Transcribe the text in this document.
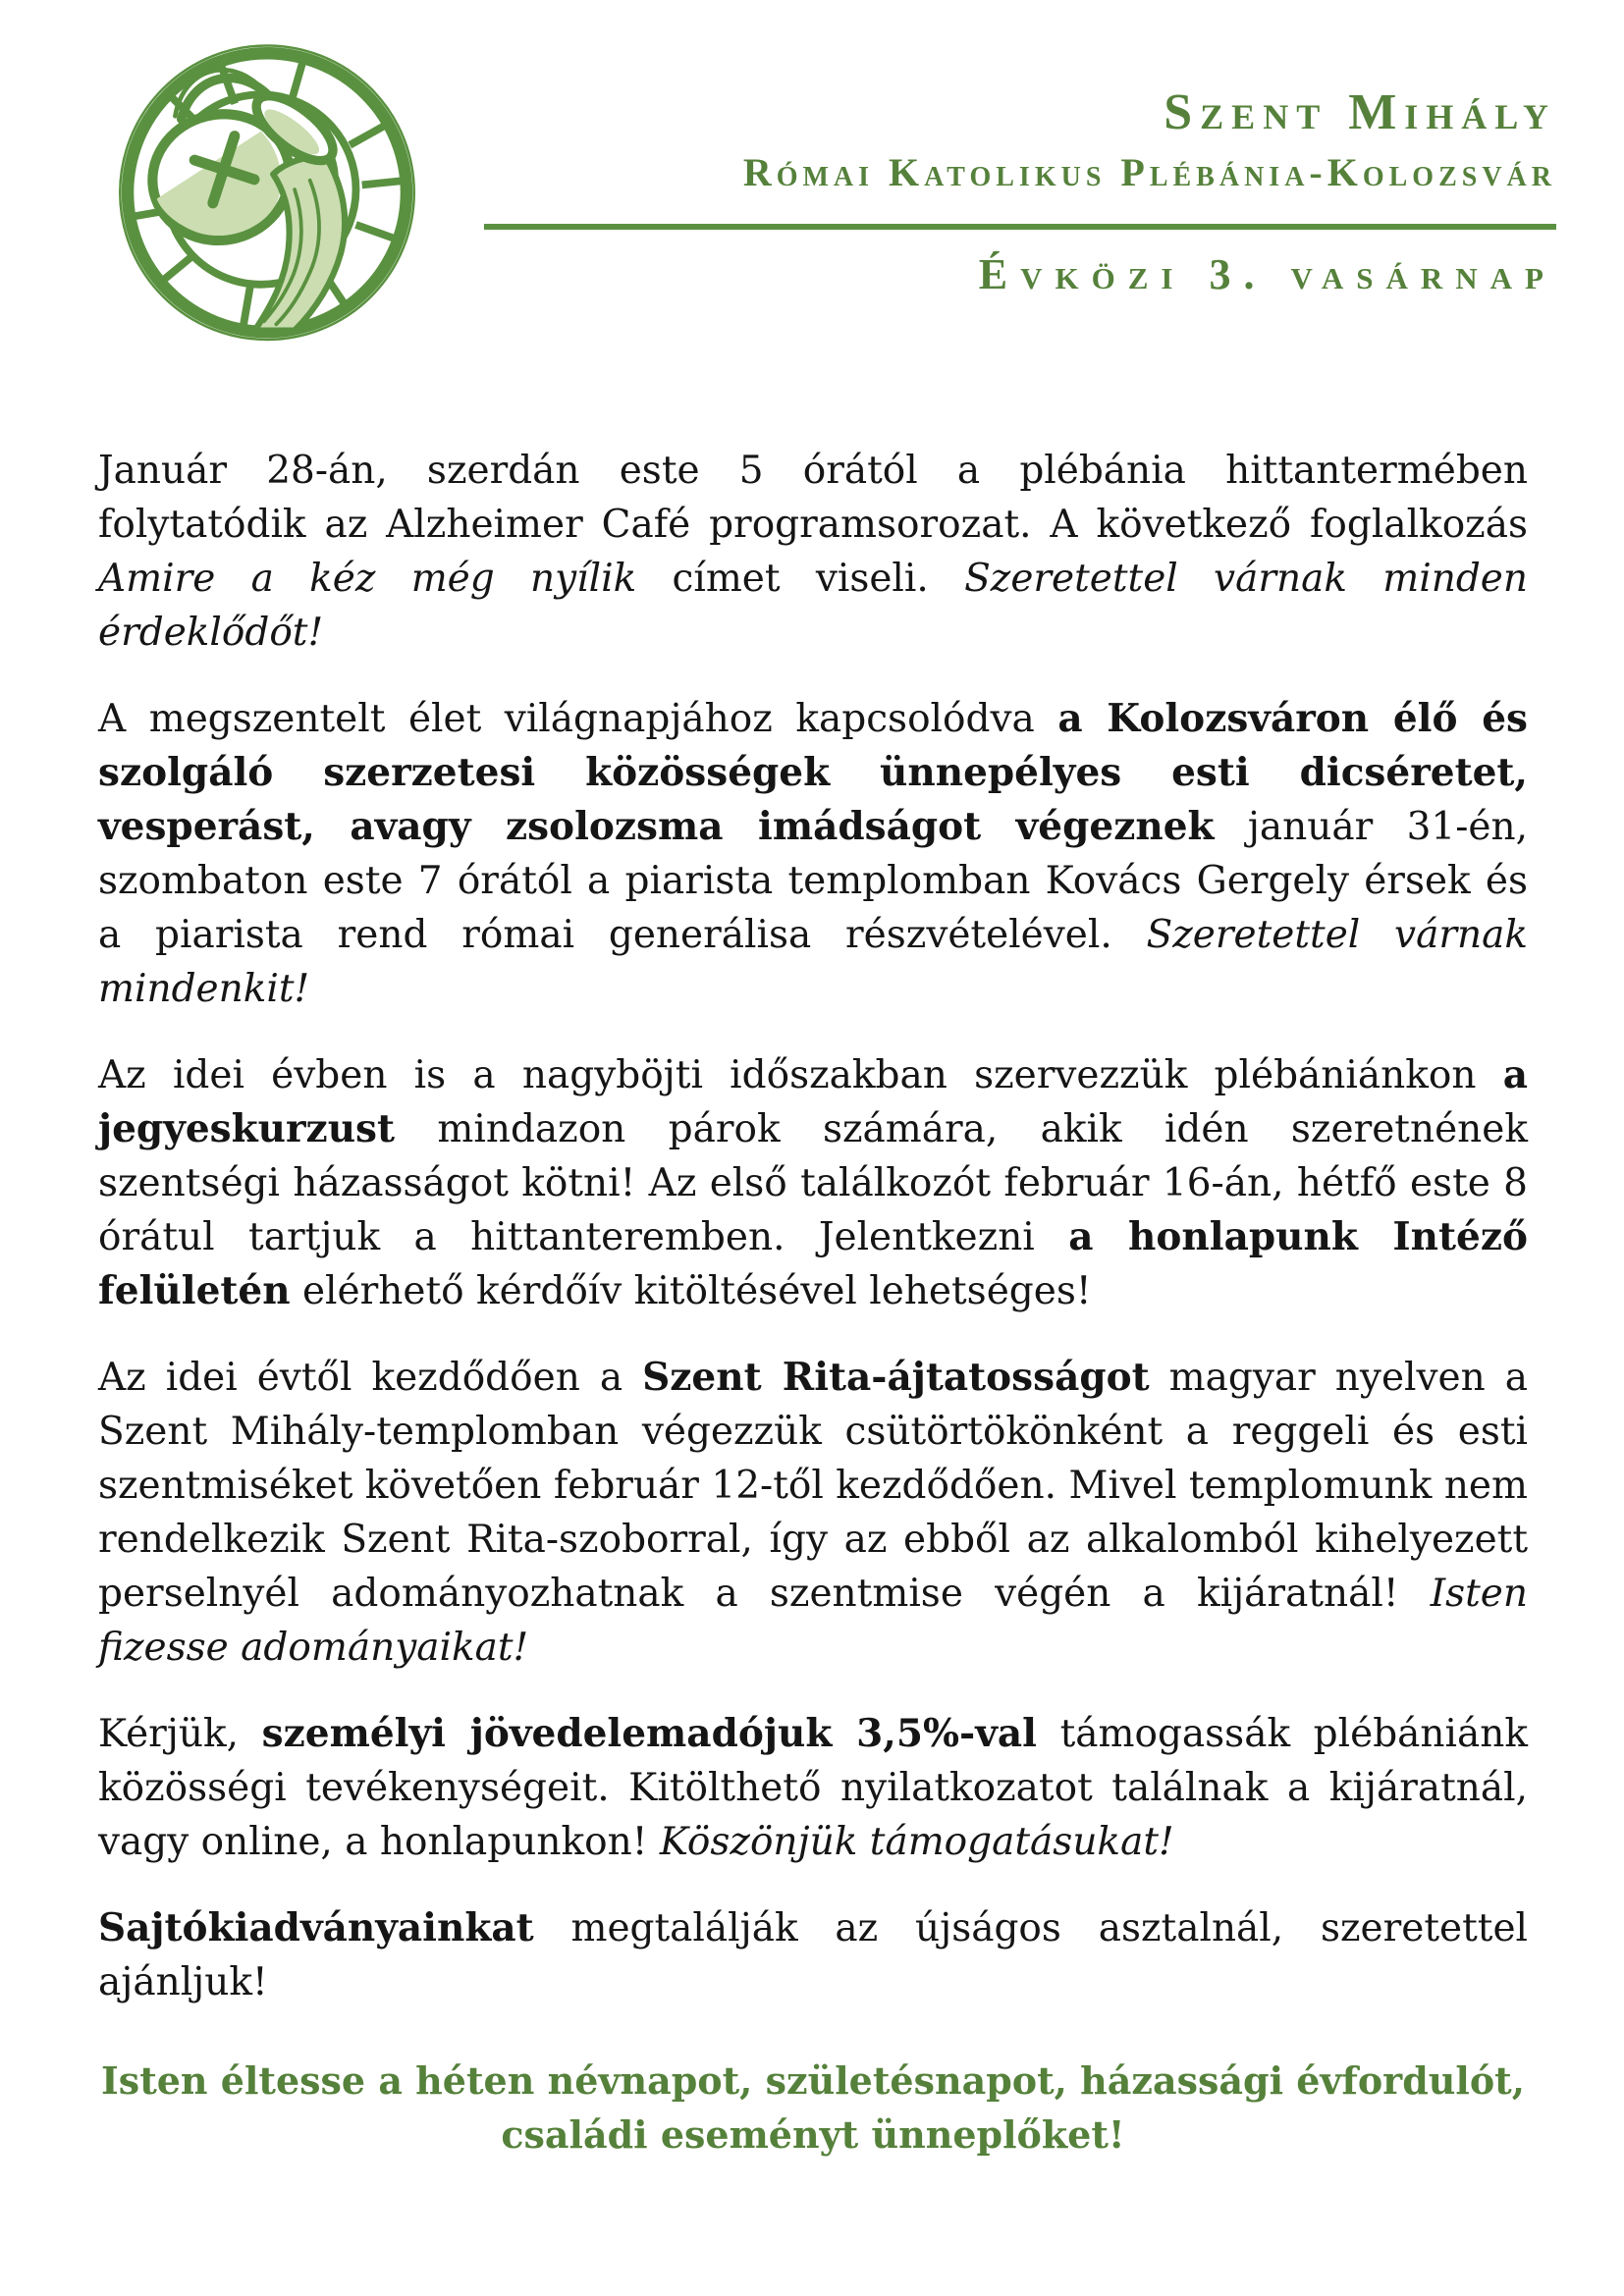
Szent Mihály
Római Katolikus Plébánia-Kolozsvár
Évközi 3. vasárnap

Január 28-án, szerdán este 5 órától a plébánia hittantermében folytatódik az Alzheimer Café programsorozat. A következő foglalkozás Amire a kéz még nyílik címet viseli. Szeretettel várnak minden érdeklődőt!

A megszentelt élet világnapjához kapcsolódva a Kolozsváron élő és szolgáló szerzetesi közösségek ünnepélyes esti dicséretet, vesperást, avagy zsolozsma imádságot végeznek január 31-én, szombaton este 7 órától a piarista templomban Kovács Gergely érsek és a piarista rend római generálisa részvételével. Szeretettel várnak mindenkit!

Az idei évben is a nagyböjti időszakban szervezzük plébániánkon a jegyeskurzust mindazon párok számára, akik idén szeretnének szentségi házasságot kötni! Az első találkozót február 16-án, hétfő este 8 órátul tartjuk a hittanteremben. Jelentkezni a honlapunk Intéző felületén elérhető kérdőív kitöltésével lehetséges!

Az idei évtől kezdődően a Szent Rita-ájtatosságot magyar nyelven a Szent Mihály-templomban végezzük csütörtökönként a reggeli és esti szentmiséket követően február 12-től kezdődően. Mivel templomunk nem rendelkezik Szent Rita-szoborral, így az ebből az alkalomból kihelyezett perselnyél adományozhatnak a szentmise végén a kijáratnál! Isten fizesse adományaikat!

Kérjük, személyi jövedelemadójuk 3,5%-val támogassák plébániánk közösségi tevékenységeit. Kitölthető nyilatkozatot találnak a kijáratnál, vagy online, a honlapunkon! Köszönjük támogatásukat!

Sajtókiadványainkat megtalálják az újságos asztalnál, szeretettel ajánljuk!

Isten éltesse a héten névnapot, születésnapot, házassági évfordulót,
családi eseményt ünneplőket!
